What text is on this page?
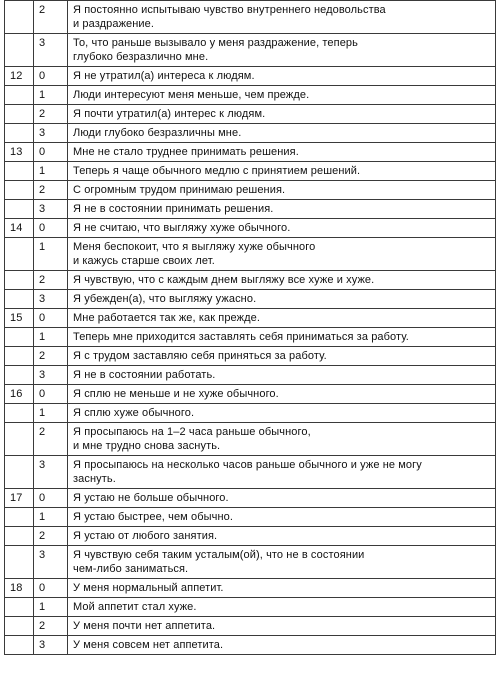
	2	Я постоянно испытываю чувство внутреннего недовольства
и раздражение.
	3	То, что раньше вызывало у меня раздражение, теперь
глубоко безразлично мне.
12	0	Я не утратил(а) интереса к людям.
	1	Люди интересуют меня меньше, чем прежде.
	2	Я почти утратил(а) интерес к людям.
	3	Люди глубоко безразличны мне.
13	0	Мне не стало труднее принимать решения.
	1	Теперь я чаще обычного медлю с принятием решений.
	2	С огромным трудом принимаю решения.
	3	Я не в состоянии принимать решения.
14	0	Я не считаю, что выгляжу хуже обычного.
	1	Меня беспокоит, что я выгляжу хуже обычного
и кажусь старше своих лет.
	2	Я чувствую, что с каждым днем выгляжу все хуже и хуже.
	3	Я убежден(а), что выгляжу ужасно.
15	0	Мне работается так же, как прежде.
	1	Теперь мне приходится заставлять себя приниматься за работу.
	2	Я с трудом заставляю себя приняться за работу.
	3	Я не в состоянии работать.
16	0	Я сплю не меньше и не хуже обычного.
	1	Я сплю хуже обычного.
	2	Я просыпаюсь на 1–2 часа раньше обычного,
и мне трудно снова заснуть.
	3	Я просыпаюсь на несколько часов раньше обычного и уже не могу
заснуть.
17	0	Я устаю не больше обычного.
	1	Я устаю быстрее, чем обычно.
	2	Я устаю от любого занятия.
	3	Я чувствую себя таким усталым(ой), что не в состоянии
чем-либо заниматься.
18	0	У меня нормальный аппетит.
	1	Мой аппетит стал хуже.
	2	У меня почти нет аппетита.
	3	У меня совсем нет аппетита.
